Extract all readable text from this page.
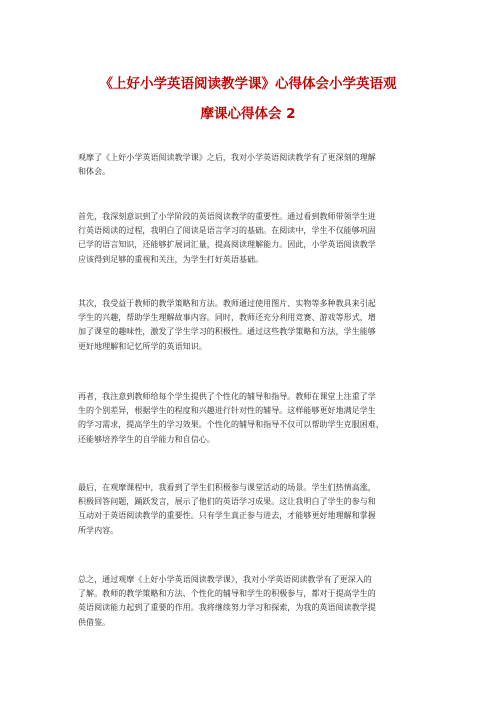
《上好小学英语阅读教学课》心得体会小学英语观
摩课心得体会 2
观摩了《上好小学英语阅读教学课》之后，我对小学英语阅读教学有了更深刻的理解
和体会。
首先，我深刻意识到了小学阶段的英语阅读教学的重要性。通过看到教师带领学生进
行英语阅读的过程，我明白了阅读是语言学习的基础。在阅读中，学生不仅能够巩固
已学的语言知识，还能够扩展词汇量，提高阅读理解能力。因此，小学英语阅读教学
应该得到足够的重视和关注，为学生打好英语基础。
其次，我受益于教师的教学策略和方法。教师通过使用图片、实物等多种教具来引起
学生的兴趣，帮助学生理解故事内容。同时，教师还充分利用竞赛、游戏等形式，增
加了课堂的趣味性，激发了学生学习的积极性。通过这些教学策略和方法，学生能够
更好地理解和记忆所学的英语知识。
再者，我注意到教师给每个学生提供了个性化的辅导和指导。教师在课堂上注重了学
生的个别差异，根据学生的程度和兴趣进行针对性的辅导。这样能够更好地满足学生
的学习需求，提高学生的学习效果。个性化的辅导和指导不仅可以帮助学生克服困难，
还能够培养学生的自学能力和自信心。
最后，在观摩课程中，我看到了学生们积极参与课堂活动的场景。学生们热情高涨，
积极回答问题，踊跃发言，展示了他们的英语学习成果。这让我明白了学生的参与和
互动对于英语阅读教学的重要性。只有学生真正参与进去，才能够更好地理解和掌握
所学内容。
总之，通过观摩《上好小学英语阅读教学课》，我对小学英语阅读教学有了更深入的
了解。教师的教学策略和方法、个性化的辅导和学生的积极参与，都对于提高学生的
英语阅读能力起到了重要的作用。我将继续努力学习和探索，为我的英语阅读教学提
供借鉴。
